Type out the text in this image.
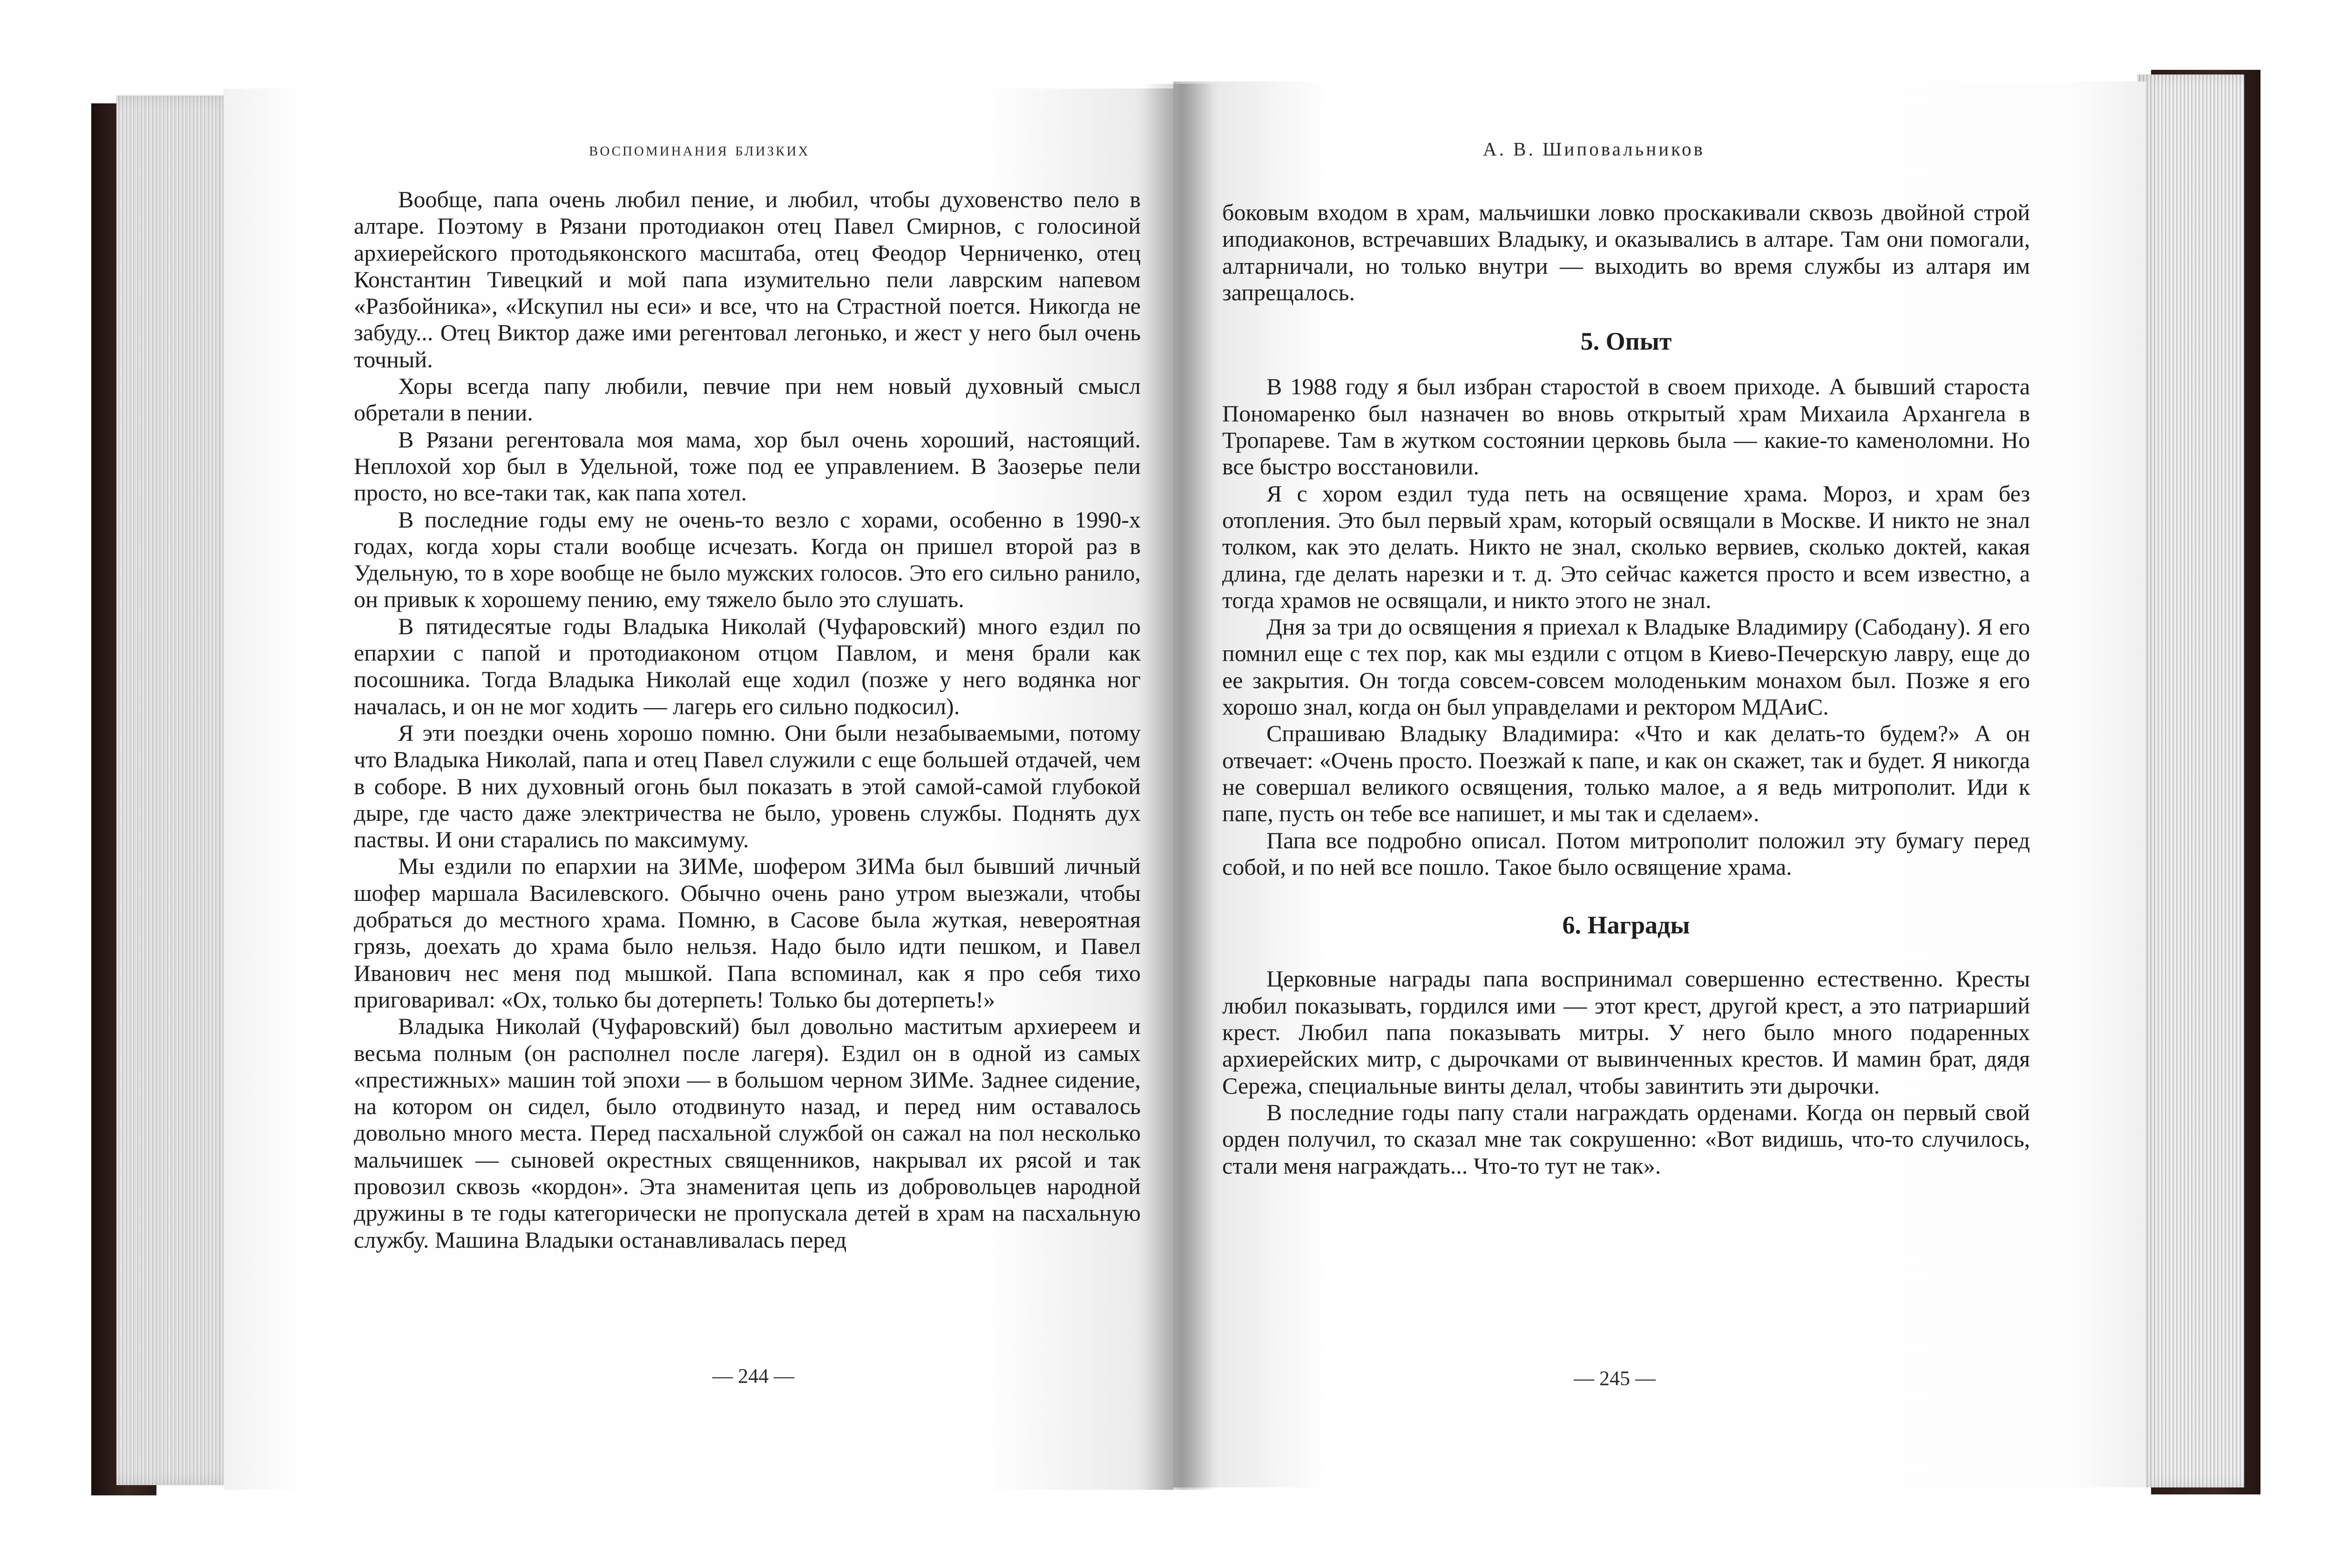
воспоминания близких	А. В. Шиповальников

Вообще, папа очень любил пение, и любил, чтобы духовенство пело в алтаре. Поэтому в Рязани протодиакон отец Павел Смирнов, с голосиной архиерейского протодьяконского масштаба, отец Феодор Черниченко, отец Константин Тивецкий и мой папа изумительно пели лаврским напевом «Разбойника», «Искупил ны еси» и все, что на Страстной поется. Никогда не забуду... Отец Виктор даже ими регентовал легонько, и жест у него был очень точный.

Хоры всегда папу любили, певчие при нем новый духовный смысл обретали в пении.

В Рязани регентовала моя мама, хор был очень хороший, настоящий. Неплохой хор был в Удельной, тоже под ее управлением. В Заозерье пели просто, но все-таки так, как папа хотел.

В последние годы ему не очень-то везло с хорами, особенно в 1990-х годах, когда хоры стали вообще исчезать. Когда он пришел второй раз в Удельную, то в хоре вообще не было мужских голосов. Это его сильно ранило, он привык к хорошему пению, ему тяжело было это слушать.

В пятидесятые годы Владыка Николай (Чуфаровский) много ездил по епархии с папой и протодиаконом отцом Павлом, и меня брали как посошника. Тогда Владыка Николай еще ходил (позже у него водянка ног началась, и он не мог ходить — лагерь его сильно подкосил).

Я эти поездки очень хорошо помню. Они были незабываемыми, потому что Владыка Николай, папа и отец Павел служили с еще большей отдачей, чем в соборе. В них духовный огонь был показать в этой самой-самой глубокой дыре, где часто даже электричества не было, уровень службы. Поднять дух паствы. И они старались по максимуму.

Мы ездили по епархии на ЗИМе, шофером ЗИМа был бывший личный шофер маршала Василевского. Обычно очень рано утром выезжали, чтобы добраться до местного храма. Помню, в Сасове была жуткая, невероятная грязь, доехать до храма было нельзя. Надо было идти пешком, и Павел Иванович нес меня под мышкой. Папа вспоминал, как я про себя тихо приговаривал: «Ох, только бы дотерпеть! Только бы дотерпеть!»

Владыка Николай (Чуфаровский) был довольно маститым архиереем и весьма полным (он располнел после лагеря). Ездил он в одной из самых «престижных» машин той эпохи — в большом черном ЗИМе. Заднее сидение, на котором он сидел, было отодвинуто назад, и перед ним оставалось довольно много места. Перед пасхальной службой он сажал на пол несколько мальчишек — сыновей окрестных священников, накрывал их рясой и так провозил сквозь «кордон». Эта знаменитая цепь из добровольцев народной дружины в те годы категорически не пропускала детей в храм на пасхальную службу. Машина Владыки останавливалась перед

боковым входом в храм, мальчишки ловко проскакивали сквозь двойной строй иподиаконов, встречавших Владыку, и оказывались в алтаре. Там они помогали, алтарничали, но только внутри — выходить во время службы из алтаря им запрещалось.

5. Опыт

В 1988 году я был избран старостой в своем приходе. А бывший староста Пономаренко был назначен во вновь открытый храм Михаила Архангела в Тропареве. Там в жутком состоянии церковь была — какие-то каменоломни. Но все быстро восстановили.

Я с хором ездил туда петь на освящение храма. Мороз, и храм без отопления. Это был первый храм, который освящали в Москве. И никто не знал толком, как это делать. Никто не знал, сколько вервиев, сколько доктей, какая длина, где делать нарезки и т. д. Это сейчас кажется просто и всем известно, а тогда храмов не освящали, и никто этого не знал.

Дня за три до освящения я приехал к Владыке Владимиру (Сабодану). Я его помнил еще с тех пор, как мы ездили с отцом в Киево-Печерскую лавру, еще до ее закрытия. Он тогда совсем-совсем молоденьким монахом был. Позже я его хорошо знал, когда он был управделами и ректором МДАиС.

Спрашиваю Владыку Владимира: «Что и как делать-то будем?» А он отвечает: «Очень просто. Поезжай к папе, и как он скажет, так и будет. Я никогда не совершал великого освящения, только малое, а я ведь митрополит. Иди к папе, пусть он тебе все напишет, и мы так и сделаем».

Папа все подробно описал. Потом митрополит положил эту бумагу перед собой, и по ней все пошло. Такое было освящение храма.

6. Награды

Церковные награды папа воспринимал совершенно естественно. Кресты любил показывать, гордился ими — этот крест, другой крест, а это патриарший крест. Любил папа показывать митры. У него было много подаренных архиерейских митр, с дырочками от вывинченных крестов. И мамин брат, дядя Сережа, специальные винты делал, чтобы завинтить эти дырочки.

В последние годы папу стали награждать орденами. Когда он первый свой орден получил, то сказал мне так сокрушенно: «Вот видишь, что-то случилось, стали меня награждать... Что-то тут не так».

— 244 —	— 245 —
